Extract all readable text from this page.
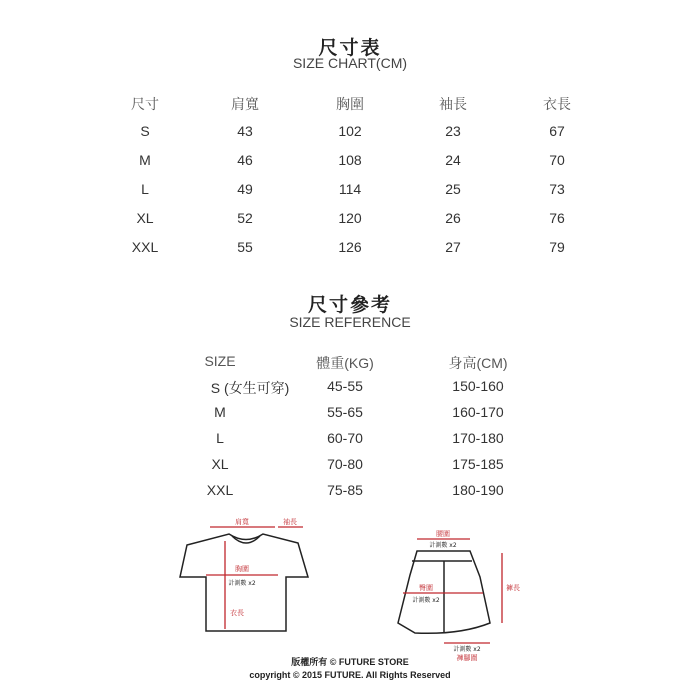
尺寸表
SIZE CHART(CM)
尺寸	肩寬	胸圍	袖長	衣長
S	43	102	23	67
M	46	108	24	70
L	49	114	25	73
XL	52	120	26	76
XXL	55	126	27	79
尺寸參考
SIZE REFERENCE
SIZE	體重(KG)	身高(CM)
S (女生可穿)	45-55	150-160
M	55-65	160-170
L	60-70	170-180
XL	70-80	175-185
XXL	75-85	180-190
肩寬	袖長
胸圍
計測數 x2
衣長
腰圍
計測數 x2
臀圍
計測數 x2
褲長
計測數 x2
褲腳圍
版權所有 © FUTURE STORE
copyright © 2015 FUTURE. All Rights Reserved
